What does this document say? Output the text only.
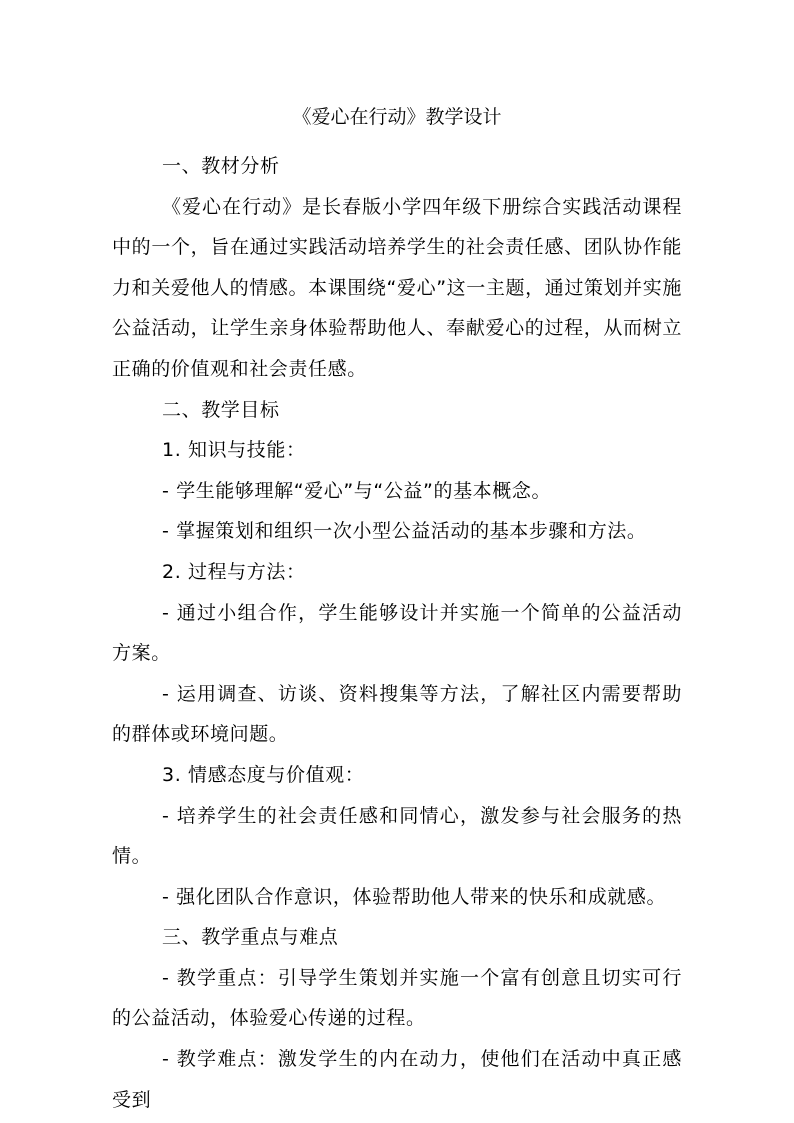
《爱心在行动》教学设计

一、教材分析

《爱心在行动》是长春版小学四年级下册综合实践活动课程中的一个，旨在通过实践活动培养学生的社会责任感、团队协作能力和关爱他人的情感。本课围绕“爱心”这一主题，通过策划并实施公益活动，让学生亲身体验帮助他人、奉献爱心的过程，从而树立正确的价值观和社会责任感。

二、教学目标

1. 知识与技能：

- 学生能够理解“爱心”与“公益”的基本概念。

- 掌握策划和组织一次小型公益活动的基本步骤和方法。

2. 过程与方法：

- 通过小组合作，学生能够设计并实施一个简单的公益活动方案。

- 运用调查、访谈、资料搜集等方法，了解社区内需要帮助的群体或环境问题。

3. 情感态度与价值观：

- 培养学生的社会责任感和同情心，激发参与社会服务的热情。

- 强化团队合作意识，体验帮助他人带来的快乐和成就感。

三、教学重点与难点

- 教学重点：引导学生策划并实施一个富有创意且切实可行的公益活动，体验爱心传递的过程。

- 教学难点：激发学生的内在动力，使他们在活动中真正感受到
